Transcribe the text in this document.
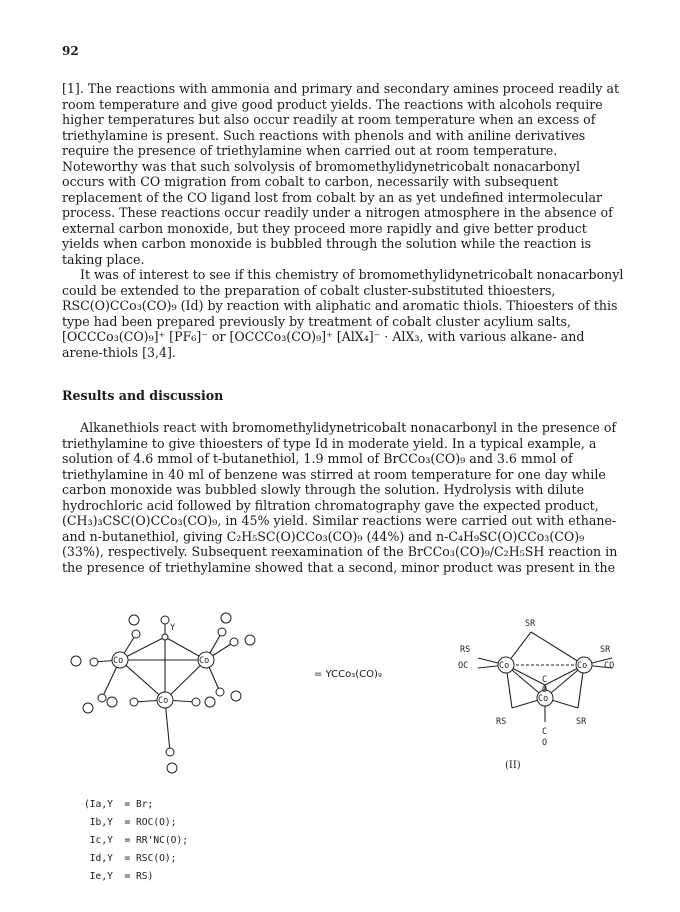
92

[1]. The reactions with ammonia and primary and secondary amines proceed readily at room temperature and give good product yields. The reactions with alcohols require higher temperatures but also occur readily at room temperature when an excess of triethylamine is present. Such reactions with phenols and with aniline derivatives require the presence of triethylamine when carried out at room temperature. Noteworthy was that such solvolysis of bromomethylidynetricobalt nonacarbonyl occurs with CO migration from cobalt to carbon, necessarily with subsequent replacement of the CO ligand lost from cobalt by an as yet undefined intermolecular process. These reactions occur readily under a nitrogen atmosphere in the absence of external carbon monoxide, but they proceed more rapidly and give better product yields when carbon monoxide is bubbled through the solution while the reaction is taking place.

It was of interest to see if this chemistry of bromomethylidynetricobalt nonacarbonyl could be extended to the preparation of cobalt cluster-substituted thioesters, RSC(O)CCo₃(CO)₉ (Id) by reaction with aliphatic and aromatic thiols. Thioesters of this type had been prepared previously by treatment of cobalt cluster acylium salts, [OCCCo₃(CO)₉]⁺ [PF₆]⁻ or [OCCCo₃(CO)₉]⁺ [AlX₄]⁻ · AlX₃, with various alkane- and arene-thiols [3,4].

Results and discussion

Alkanethiols react with bromomethylidynetricobalt nonacarbonyl in the presence of triethylamine to give thioesters of type Id in moderate yield. In a typical example, a solution of 4.6 mmol of t-butanethiol, 1.9 mmol of BrCCo₃(CO)₉ and 3.6 mmol of triethylamine in 40 ml of benzene was stirred at room temperature for one day while carbon monoxide was bubbled slowly through the solution. Hydrolysis with dilute hydrochloric acid followed by filtration chromatography gave the expected product, (CH₃)₃CSC(O)CCo₃(CO)₉, in 45% yield. Similar reactions were carried out with ethane- and n-butanethiol, giving C₂H₅SC(O)CCo₃(CO)₉ (44%) and n-C₄H₉SC(O)CCo₃(CO)₉ (33%), respectively. Subsequent reexamination of the BrCCo₃(CO)₉/C₂H₅SH reaction in the presence of triethylamine showed that a second, minor product was present in the

Y
Co	Co
Co
SR
RS
OC
SR
CO
C
O
RS	SR
C
O
Co	Co
Co
= YCCo₃(CO)₉
(II)
(Ia,Y  = Br;
Ib,Y  = ROC(O);
Ic,Y  = RR'NC(O);
Id,Y  = RSC(O);
Ie,Y  = RS)
